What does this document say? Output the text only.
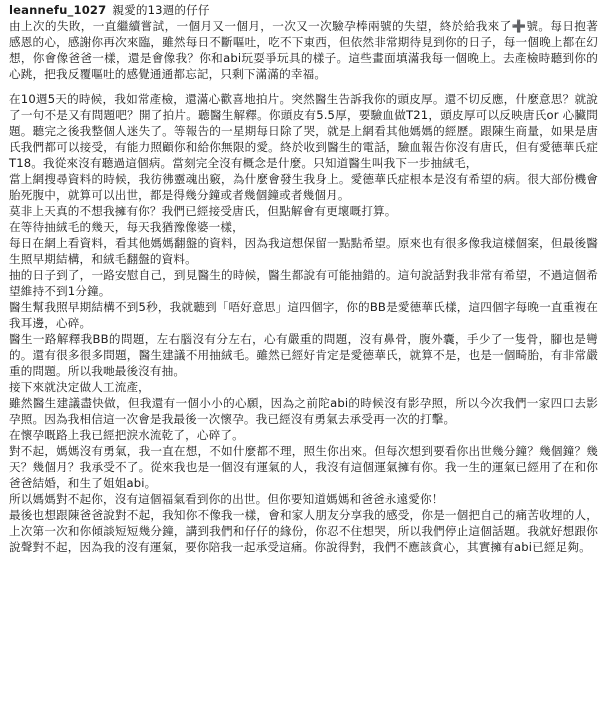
leannefu_1027 親愛的13週的仔仔
由上次的失敗，一直繼續嘗試，一個月又一個月，一次又一次驗孕棒兩號的失望，終於給我來了➕號。每日抱著感恩的心，感謝你再次來臨，雖然每日不斷嘔吐，吃不下東西，但依然非常期待見到你的日子，每一個晚上都在幻想，你會像爸爸一樣，還是會像我？你和abi玩耍爭玩具的樣子。這些畫面填滿我每一個晚上。去產檢時聽到你的心跳，把我反覆嘔吐的感覺通通都忘記，只剩下滿滿的幸福。

在10週5天的時候，我如常產檢，還滿心歡喜地拍片。突然醫生告訴我你的頭皮厚。還不切反應，什麼意思？就說了一句不是又有問題吧？開了拍片。聽醫生解釋。你頭皮有5.5厚，要驗血做T21，頭皮厚可以反映唐氏or 心臟問題。聽完之後我整個人迷失了。等報告的一星期每日除了哭，就是上網看其他媽媽的經歷。跟陳生商量，如果是唐氏我們都可以接受，有能力照顧你和給你無限的愛。終於收到醫生的電話，驗血報告你沒有唐氏，但有愛德華氏症T18。我從來沒有聽過這個病。當刻完全沒有概念是什麼。只知道醫生叫我下一步抽絨毛，

當上網搜尋資料的時候，我彷彿靈魂出竅，為什麼會發生我身上。愛德華氏症根本是沒有希望的病。很大部份機會胎死腹中，就算可以出世，都是得幾分鐘或者幾個鐘或者幾個月。

莫非上天真的不想我擁有你？我們已經接受唐氏，但點解會有更壞嘅打算。

在等待抽絨毛的幾天，每天我猶豫像婆一樣，

每日在網上看資料，看其他媽媽翻盤的資料，因為我這想保留一點點希望。原來也有很多像我這樣個案，但最後醫生照早期結構，和絨毛翻盤的資料。

抽的日子到了，一路安慰自己，到見醫生的時候，醫生都說有可能抽錯的。這句說話對我非常有希望，不過這個希望維持不到1分鐘。

醫生幫我照早期結構不到5秒，我就聽到「唔好意思」這四個字，你的BB是愛德華氏樣，這四個字每晚一直重複在我耳邊，心碎。

醫生一路解釋我BB的問題，左右腦沒有分左右，心有嚴重的問題，沒有鼻骨，腹外囊，手少了一隻骨，腳也是彎的。還有很多很多問題，醫生建議不用抽絨毛。雖然已經好肯定是愛德華氏，就算不是，也是一個畸胎，有非常嚴重的問題。所以我哋最後沒有抽。

接下來就決定做人工流產，

雖然醫生建議盡快做，但我還有一個小小的心願，因為之前陀abi的時候沒有影孕照，所以今次我們一家四口去影孕照。因為我相信這一次會是我最後一次懷孕。我已經沒有勇氣去承受再一次的打擊。

在懷孕嘅路上我已經把淚水流乾了，心碎了。

對不起，媽媽沒有勇氣，我一直在想，不如什麼都不理，照生你出來。但每次想到要看你出世幾分鐘？幾個鐘？幾天？幾個月？我承受不了。從來我也是一個沒有運氣的人，我沒有這個運氣擁有你。我一生的運氣已經用了在和你爸爸結婚，和生了姐姐abi。

所以媽媽對不起你，沒有這個福氣看到你的出世。但你要知道媽媽和爸爸永遠愛你！

最後也想跟陳爸爸說對不起，我知你不像我一樣，會和家人朋友分享我的感受，你是一個把自己的痛苦收埋的人，上次第一次和你傾談短短幾分鐘，講到我們和仔仔的緣份，你忍不住想哭，所以我們停止這個話題。我就好想跟你說聲對不起，因為我的沒有運氣，要你陪我一起承受這痛。你說得對，我們不應該貪心，其實擁有abi已經足夠。
